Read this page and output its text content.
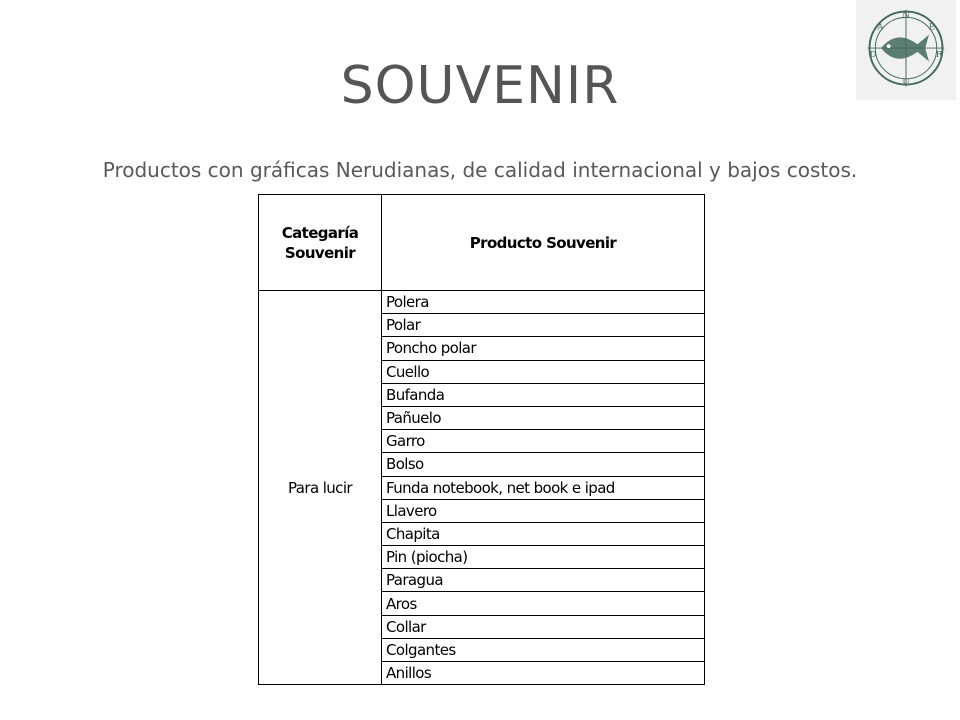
N
E
R
U
D
A
SOUVENIR
Productos con gráficas Nerudianas, de calidad internacional y bajos costos.
Categaría
Souvenir	Producto Souvenir
Para lucir	Polera
	Polar
	Poncho polar
	Cuello
	Bufanda
	Pañuelo
	Garro
	Bolso
	Funda notebook, net book e ipad
	Llavero
	Chapita
	Pin (piocha)
	Paragua
	Aros
	Collar
	Colgantes
	Anillos
